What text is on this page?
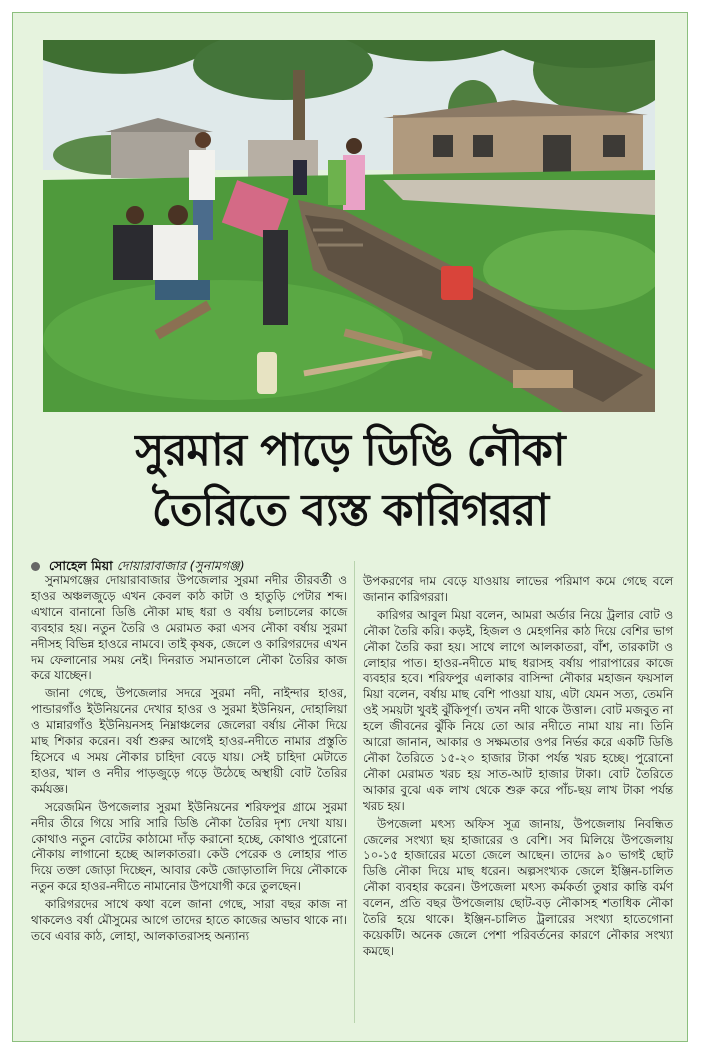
সুরমার পাড়ে ডিঙি নৌকা
তৈরিতে ব্যস্ত কারিগররা
সোহেল মিয়া দোয়ারাবাজার (সুনামগঞ্জ)

সুনামগঞ্জের দোয়ারাবাজার উপজেলার সুরমা নদীর তীরবর্তী ও হাওর অঞ্চলজুড়ে এখন কেবল কাঠ কাটা ও হাতুড়ি পেটার শব্দ। এখানে বানানো ডিঙি নৌকা মাছ ধরা ও বর্ষায় চলাচলের কাজে ব্যবহার হয়। নতুন তৈরি ও মেরামত করা এসব নৌকা বর্ষায় সুরমা নদীসহ বিভিন্ন হাওরে নামবে। তাই কৃষক, জেলে ও কারিগরদের এখন দম ফেলানোর সময় নেই। দিনরাত সমানতালে নৌকা তৈরির কাজ করে যাচ্ছেন।

জানা গেছে, উপজেলার সদরে সুরমা নদী, নাইন্দার হাওর, পান্ডারগাঁও ইউনিয়নের দেখার হাওর ও সুরমা ইউনিয়ন, দোহালিয়া ও মান্নারগাঁও ইউনিয়নসহ নিম্নাঞ্চলের জেলেরা বর্ষায় নৌকা দিয়ে মাছ শিকার করেন। বর্ষা শুরুর আগেই হাওর-নদীতে নামার প্রস্তুতি হিসেবে এ সময় নৌকার চাহিদা বেড়ে যায়। সেই চাহিদা মেটাতে হাওর, খাল ও নদীর পাড়জুড়ে গড়ে উঠেছে অস্থায়ী বোট তৈরির কর্মযজ্ঞ।

সরেজমিন উপজেলার সুরমা ইউনিয়নের শরিফপুর গ্রামে সুরমা নদীর তীরে গিয়ে সারি সারি ডিঙি নৌকা তৈরির দৃশ্য দেখা যায়। কোথাও নতুন বোটের কাঠামো দাঁড় করানো হচ্ছে, কোথাও পুরোনো নৌকায় লাগানো হচ্ছে আলকাতরা। কেউ পেরেক ও লোহার পাত দিয়ে তক্তা জোড়া দিচ্ছেন, আবার কেউ জোড়াতালি দিয়ে নৌকাকে নতুন করে হাওর-নদীতে নামানোর উপযোগী করে তুলছেন।

কারিগরদের সাথে কথা বলে জানা গেছে, সারা বছর কাজ না থাকলেও বর্ষা মৌসুমের আগে তাদের হাতে কাজের অভাব থাকে না। তবে এবার কাঠ, লোহা, আলকাতরাসহ অন্যান্য

উপকরণের দাম বেড়ে যাওয়ায় লাভের পরিমাণ কমে গেছে বলে জানান কারিগররা।

কারিগর আবুল মিয়া বলেন, আমরা অর্ডার নিয়ে ট্রলার বোট ও নৌকা তৈরি করি। কড়ই, হিজল ও মেহগনির কাঠ দিয়ে বেশির ভাগ নৌকা তৈরি করা হয়। সাথে লাগে আলকাতরা, বাঁশ, তারকাটা ও লোহার পাত। হাওর-নদীতে মাছ ধরাসহ বর্ষায় পারাপারের কাজে ব্যবহার হবে। শরিফপুর এলাকার বাসিন্দা নৌকার মহাজন ফয়সাল মিয়া বলেন, বর্ষায় মাছ বেশি পাওয়া যায়, এটা যেমন সত্য, তেমনি ওই সময়টা খুবই ঝুঁকিপূর্ণ। তখন নদী থাকে উত্তাল। বোট মজবুত না হলে জীবনের ঝুঁকি নিয়ে তো আর নদীতে নামা যায় না। তিনি আরো জানান, আকার ও সক্ষমতার ওপর নির্ভর করে একটি ডিঙি নৌকা তৈরিতে ১৫-২০ হাজার টাকা পর্যন্ত খরচ হচ্ছে। পুরোনো নৌকা মেরামত খরচ হয় সাত-আট হাজার টাকা। বোট তৈরিতে আকার বুঝে এক লাখ থেকে শুরু করে পাঁচ-ছয় লাখ টাকা পর্যন্ত খরচ হয়।

উপজেলা মৎস্য অফিস সূত্র জানায়, উপজেলায় নিবন্ধিত জেলের সংখ্যা ছয় হাজারের ও বেশি। সব মিলিয়ে উপজেলায় ১০-১৫ হাজারের মতো জেলে আছেন। তাদের ৯০ ভাগই ছোট ডিঙি নৌকা দিয়ে মাছ ধরেন। অল্পসংখ্যক জেলে ইঞ্জিন-চালিত নৌকা ব্যবহার করেন। উপজেলা মৎস্য কর্মকর্তা তুষার কান্তি বর্মণ বলেন, প্রতি বছর উপজেলায় ছোট-বড় নৌকাসহ শতাধিক নৌকা তৈরি হয়ে থাকে। ইঞ্জিন-চালিত ট্রলারের সংখ্যা হাতেগোনা কয়েকটি। অনেক জেলে পেশা পরিবর্তনের কারণে নৌকার সংখ্যা কমছে।
